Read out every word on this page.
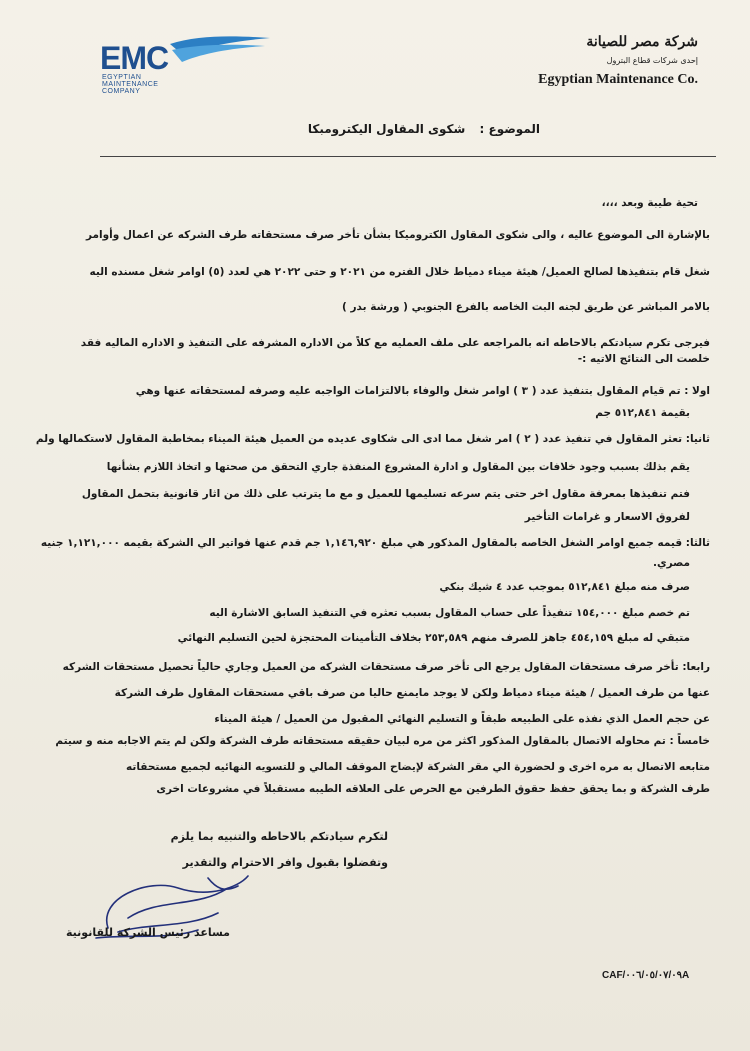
EMC
EGYPTIAN
MAINTENANCE
COMPANY
شركة مصر للصيانة
إحدى شركات قطاع البترول
Egyptian Maintenance Co.
الموضوع : شكوى المقاول اليكترومبكا
تحية طيبة وبعد ،،،،
بالإشارة الى الموضوع عاليه ، والى شكوى المقاول الكتروميكا بشأن تأخر صرف مستحقاته طرف الشركه عن اعمال وأوامر
شغل قام بتنفيذها لصالح العميل/ هيئة ميناء دمياط خلال الفتره من ٢٠٢١ و حتى ٢٠٢٢ هي لعدد (٥) اوامر شغل مسنده اليه
بالامر المباشر عن طريق لجنه البت الخاصه بالفرع الجنوبي ( ورشة بدر )
فيرجى تكرم سيادتكم بالاحاطه انه بالمراجعه على ملف العمليه مع كلاً من الاداره المشرفه على التنفيذ و الاداره الماليه فقد
خلصت الى النتائج الاتيه :-
اولا : تم قيام المقاول بتنفيذ عدد ( ٣ ) اوامر شغل والوفاء بالالتزامات الواجبه عليه وصرفه لمستحقاته عنها وهي
بقيمة ٥١٢,٨٤١ جم
ثانيا: تعثر المقاول في تنفيذ عدد ( ٢ ) امر شغل مما ادى الى شكاوى عديده من العميل هيئة الميناء بمخاطبة المقاول لاستكمالها ولم
يقم بذلك بسبب وجود خلافات بين المقاول و ادارة المشروع المنفذة جاري التحقق من صحتها و اتخاذ اللازم بشأنها
فتم تنفيذها بمعرفة مقاول اخر حتى يتم سرعه تسليمها للعميل و مع ما يترتب على ذلك من اثار قانونية بتحمل المقاول
لفروق الاسعار و غرامات التأخير
ثالثا: قيمه جميع اوامر الشغل الخاصه بالمقاول المذكور هي مبلغ ١,١٤٦,٩٢٠ جم قدم عنها فواتير الي الشركة بقيمه ١,١٢١,٠٠٠ جنيه
مصري.
صرف منه مبلغ ٥١٢,٨٤١ بموجب عدد ٤ شيك بنكي
تم خصم مبلغ ١٥٤,٠٠٠ تنفيذاً على حساب المقاول بسبب تعثره في التنفيذ السابق الاشارة اليه
متبقي له مبلغ ٤٥٤,١٥٩ جاهز للصرف منهم ٢٥٣,٥٨٩ بخلاف التأمينات المحتجزة لحين التسليم النهائي
رابعا: تأخر صرف مستحقات المقاول يرجع الى تأخر صرف مستحقات الشركه من العميل وجاري حالياً تحصيل مستحقات الشركه
عنها من طرف العميل / هيئة ميناء دمياط ولكن لا يوجد مايمنع حاليا من صرف باقي مستحقات المقاول طرف الشركة
عن حجم العمل الذي نفذه على الطبيعه طبقاً و التسليم النهائي المقبول من العميل / هيئة الميناء
خامساً : تم محاوله الاتصال بالمقاول المذكور اكثر من مره لبيان حقيقه مستحقاته طرف الشركة ولكن لم يتم الاجابه منه و سيتم
متابعه الاتصال به مره اخرى و لحضورة الي مقر الشركة لإيضاح الموقف المالي و للتسويه النهائيه لجميع مستحقاته
طرف الشركة و بما يحقق حفظ حقوق الطرفين مع الحرص على العلاقه الطيبه مستقبلاً في مشروعات اخرى
لتكرم سيادتكم بالاحاطه والتنبيه بما يلزم
وتفضلوا بقبول وافر الاحترام والتقدير
مساعد رئيس الشركة للقانونية
CAF/٠٠٦/٠٥/٠٧/٠٩A
